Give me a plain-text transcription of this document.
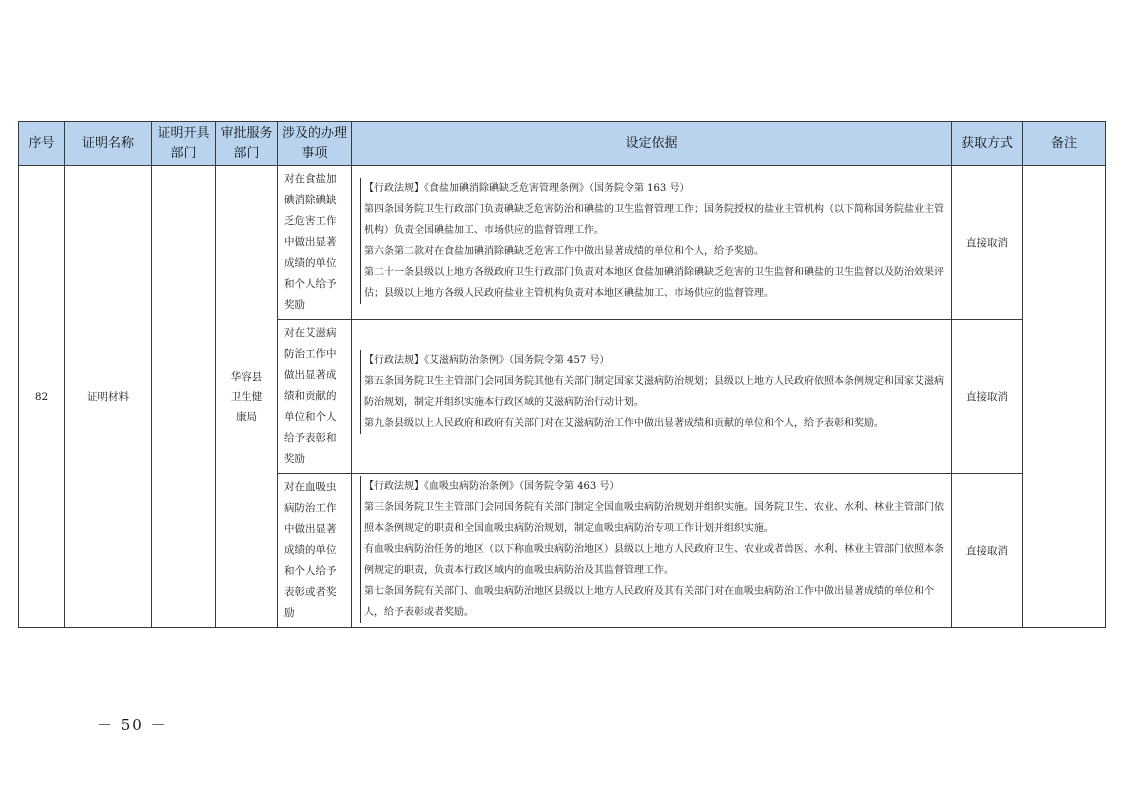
序号	证明名称	证明开具部门	审批服务部门	涉及的办理事项	设定依据	获取方式	备注
82	证明材料		华容县卫生健康局	对在食盐加碘消除碘缺乏危害工作中做出显著成绩的单位和个人给予奖励	【行政法规】《食盐加碘消除碘缺乏危害管理条例》（国务院令第 163 号）

第四条国务院卫生行政部门负责碘缺乏危害防治和碘盐的卫生监督管理工作；国务院授权的盐业主管机构（以下简称国务院盐业主管机构）负责全国碘盐加工、市场供应的监督管理工作。

第六条第二款对在食盐加碘消除碘缺乏危害工作中做出显著成绩的单位和个人，给予奖励。

第二十一条县级以上地方各级政府卫生行政部门负责对本地区食盐加碘消除碘缺乏危害的卫生监督和碘盐的卫生监督以及防治效果评估；县级以上地方各级人民政府盐业主管机构负责对本地区碘盐加工、市场供应的监督管理。	直接取消	
				对在艾滋病防治工作中做出显著成绩和贡献的单位和个人给予表彰和奖励	【行政法规】《艾滋病防治条例》（国务院令第 457 号）

第五条国务院卫生主管部门会同国务院其他有关部门制定国家艾滋病防治规划；县级以上地方人民政府依照本条例规定和国家艾滋病防治规划，制定并组织实施本行政区域的艾滋病防治行动计划。

第九条县级以上人民政府和政府有关部门对在艾滋病防治工作中做出显著成绩和贡献的单位和个人，给予表彰和奖励。	直接取消	
				对在血吸虫病防治工作中做出显著成绩的单位和个人给予表彰或者奖励	【行政法规】《血吸虫病防治条例》（国务院令第 463 号）

第三条国务院卫生主管部门会同国务院有关部门制定全国血吸虫病防治规划并组织实施。国务院卫生、农业、水利、林业主管部门依照本条例规定的职责和全国血吸虫病防治规划，制定血吸虫病防治专项工作计划并组织实施。

有血吸虫病防治任务的地区（以下称血吸虫病防治地区）县级以上地方人民政府卫生、农业或者兽医、水利、林业主管部门依照本条例规定的职责，负责本行政区域内的血吸虫病防治及其监督管理工作。

第七条国务院有关部门、血吸虫病防治地区县级以上地方人民政府及其有关部门对在血吸虫病防治工作中做出显著成绩的单位和个人，给予表彰或者奖励。	直接取消	
－ 50 －
